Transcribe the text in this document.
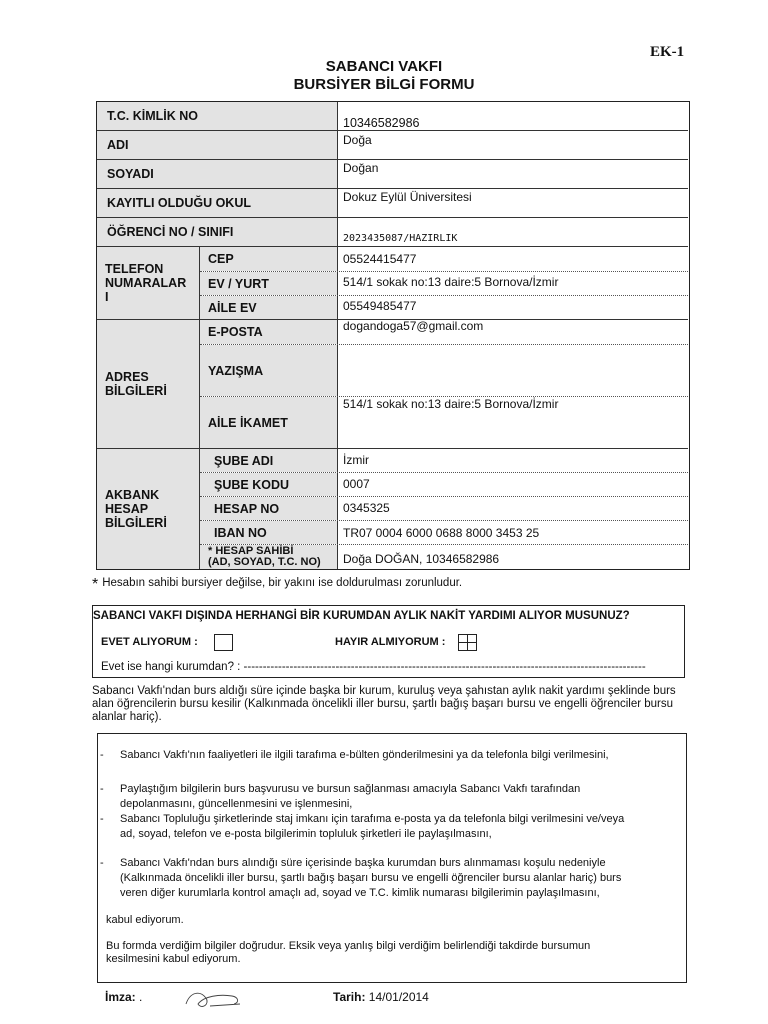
EK-1
SABANCI VAKFI
BURSİYER BİLGİ FORMU
T.C. KİMLİK NO
ADI
SOYADI
KAYITLI OLDUĞU OKUL
ÖĞRENCİ NO / SINIFI
TELEFON NUMARALAR I
CEP
EV / YURT
AİLE EV
ADRES BİLGİLERİ
E-POSTA
YAZIŞMA
AİLE İKAMET
AKBANK HESAP BİLGİLERİ
ŞUBE ADI
ŞUBE KODU
HESAP NO
IBAN NO
* HESAP SAHİBİ
(AD, SOYAD, T.C. NO)
10346582986
Doğa
Doğan
Dokuz Eylül Üniversitesi
2023435087/HAZIRLIK
05524415477
514/1 sokak no:13 daire:5 Bornova/İzmir
05549485477
dogandoga57@gmail.com
514/1 sokak no:13 daire:5 Bornova/İzmir
İzmir
0007
0345325
TR07 0004 6000 0688 8000 3453 25
Doğa DOĞAN, 10346582986
* Hesabın sahibi bursiyer değilse, bir yakını ise doldurulması zorunludur.
SABANCI VAKFI DIŞINDA HERHANGİ BİR KURUMDAN AYLIK NAKİT YARDIMI ALIYOR MUSUNUZ?
EVET ALIYORUM :	HAYIR ALMIYORUM :
Evet ise hangi kurumdan? : ---------------------------------------------------------------------------------------------------------
Sabancı Vakfı'ndan burs aldığı süre içinde başka bir kurum, kuruluş veya şahıstan aylık nakit yardımı şeklinde burs alan öğrencilerin bursu kesilir (Kalkınmada öncelikli iller bursu, şartlı bağış başarı bursu ve engelli öğrenciler bursu alanlar hariç).
- Sabancı Vakfı'nın faaliyetleri ile ilgili tarafıma e-bülten gönderilmesini ya da telefonla bilgi verilmesini,
- Paylaştığım bilgilerin burs başvurusu ve bursun sağlanması amacıyla Sabancı Vakfı tarafından depolanmasını, güncellenmesini ve işlenmesini,
- Sabancı Topluluğu şirketlerinde staj imkanı için tarafıma e-posta ya da telefonla bilgi verilmesini ve/veya ad, soyad, telefon ve e-posta bilgilerimin topluluk şirketleri ile paylaşılmasını,
- Sabancı Vakfı'ndan burs alındığı süre içerisinde başka kurumdan burs alınmaması koşulu nedeniyle (Kalkınmada öncelikli iller bursu, şartlı bağış başarı bursu ve engelli öğrenciler bursu alanlar hariç) burs veren diğer kurumlarla kontrol amaçlı ad, soyad ve T.C. kimlik numarası bilgilerimin paylaşılmasını,
kabul ediyorum.
Bu formda verdiğim bilgiler doğrudur. Eksik veya yanlış bilgi verdiğim belirlendiği takdirde bursumun kesilmesini kabul ediyorum.
İmza: .	Tarih: 14/01/2014
